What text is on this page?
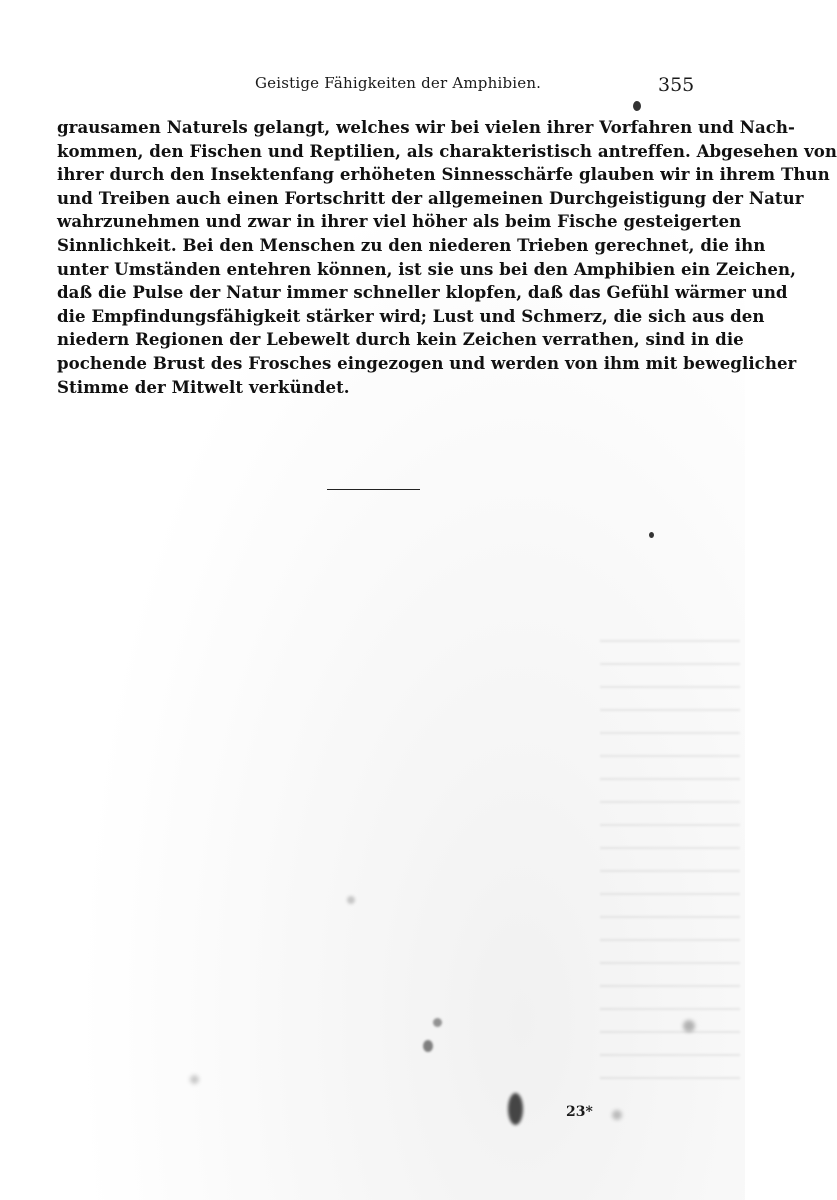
Geistige Fähigkeiten der Amphibien.	355
grausamen Naturels gelangt, welches wir bei vielen ihrer Vorfahren und Nach-
kommen, den Fischen und Reptilien, als charakteristisch antreffen. Abgesehen von
ihrer durch den Insektenfang erhöheten Sinnesschärfe glauben wir in ihrem Thun
und Treiben auch einen Fortschritt der allgemeinen Durchgeistigung der Natur
wahrzunehmen und zwar in ihrer viel höher als beim Fische gesteigerten
Sinnlichkeit. Bei den Menschen zu den niederen Trieben gerechnet, die ihn
unter Umständen entehren können, ist sie uns bei den Amphibien ein Zeichen,
daß die Pulse der Natur immer schneller klopfen, daß das Gefühl wärmer und
die Empfindungsfähigkeit stärker wird; Lust und Schmerz, die sich aus den
niedern Regionen der Lebewelt durch kein Zeichen verrathen, sind in die
pochende Brust des Frosches eingezogen und werden von ihm mit beweglicher
Stimme der Mitwelt verkündet.
23*
